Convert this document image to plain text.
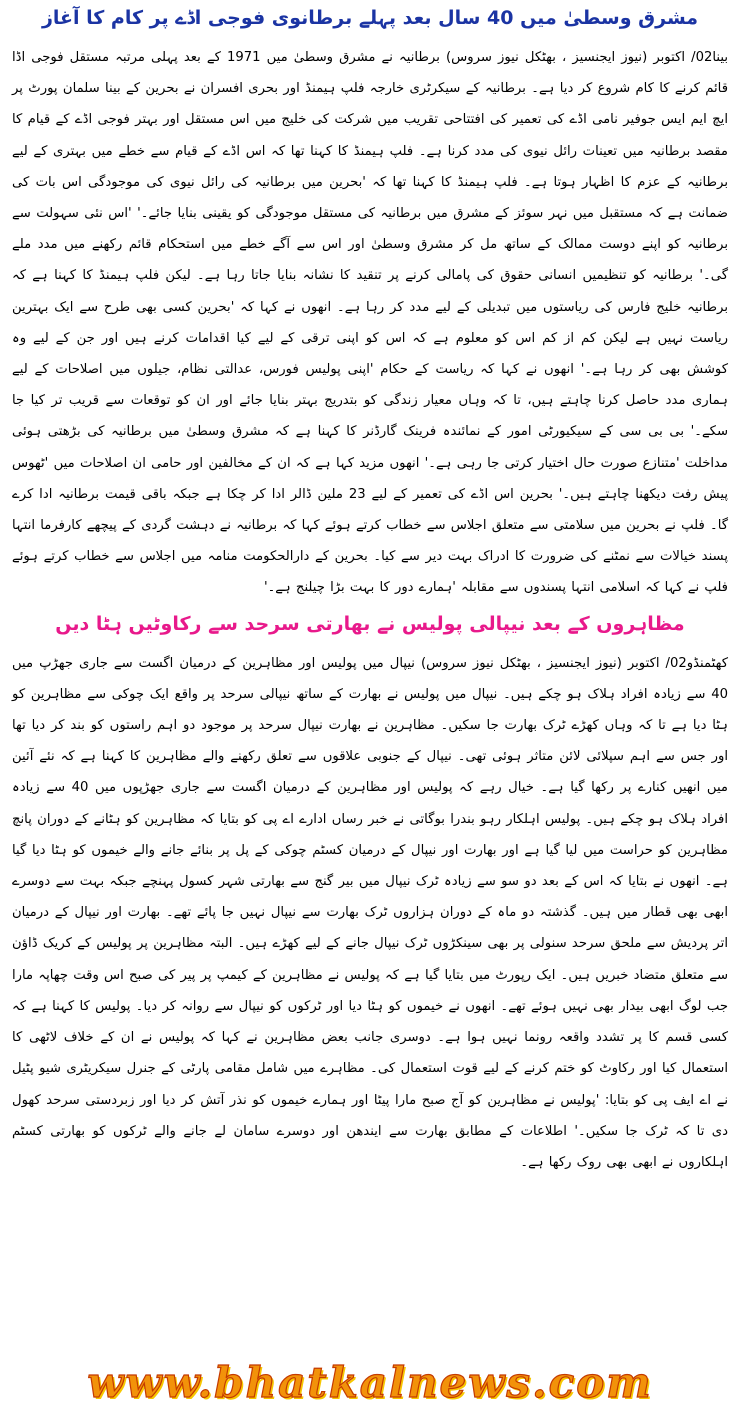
مشرق وسطیٰ میں 40 سال بعد پہلے برطانوی فوجی اڈے پر کام کا آغاز

بینا02/ اکتوبر (نیوز ایجنسیز ، بھٹکل نیوز سروس) برطانیہ نے مشرق وسطیٰ میں 1971 کے بعد پہلی مرتبہ مستقل فوجی اڈا قائم کرنے کا کام شروع کر دیا ہے۔ برطانیہ کے سیکرٹری خارجہ فلپ ہیمنڈ اور بحری افسران نے بحرین کے بینا سلمان پورٹ پر ایچ ایم ایس جوفیر نامی اڈے کی تعمیر کی افتتاحی تقریب میں شرکت کی خلیج میں اس مستقل اور بہتر فوجی اڈے کے قیام کا مقصد برطانیہ میں تعینات رائل نیوی کی مدد کرنا ہے۔ فلپ ہیمنڈ کا کہنا تھا کہ اس اڈے کے قیام سے خطے میں بہتری کے لیے برطانیہ کے عزم کا اظہار ہوتا ہے۔ فلپ ہیمنڈ کا کہنا تھا کہ 'بحرین میں برطانیہ کی رائل نیوی کی موجودگی اس بات کی ضمانت ہے کہ مستقبل میں نہر سوئز کے مشرق میں برطانیہ کی مستقل موجودگی کو یقینی بنایا جائے۔' 'اس نئی سہولت سے برطانیہ کو اپنے دوست ممالک کے ساتھ مل کر مشرق وسطیٰ اور اس سے آگے خطے میں استحکام قائم رکھنے میں مدد ملے گی۔' برطانیہ کو تنظیمیں انسانی حقوق کی پامالی کرنے پر تنقید کا نشانہ بنایا جاتا رہا ہے۔ لیکن فلپ ہیمنڈ کا کہنا ہے کہ برطانیہ خلیج فارس کی ریاستوں میں تبدیلی کے لیے مدد کر رہا ہے۔ انھوں نے کہا کہ 'بحرین کسی بھی طرح سے ایک بہترین ریاست نہیں ہے لیکن کم از کم اس کو معلوم ہے کہ اس کو اپنی ترقی کے لیے کیا اقدامات کرنے ہیں اور جن کے لیے وہ کوشش بھی کر رہا ہے۔' انھوں نے کہا کہ ریاست کے حکام 'اپنی پولیس فورس، عدالتی نظام، جیلوں میں اصلاحات کے لیے ہماری مدد حاصل کرنا چاہتے ہیں، تا کہ وہاں معیار زندگی کو بتدریج بہتر بنایا جائے اور ان کو توقعات سے قریب تر کیا جا سکے۔' بی بی سی کے سیکیورٹی امور کے نمائندہ فرینک گارڈنر کا کہنا ہے کہ مشرق وسطیٰ میں برطانیہ کی بڑھتی ہوئی مداخلت 'متنازع صورت حال اختیار کرتی جا رہی ہے۔' انھوں مزید کہا ہے کہ ان کے مخالفین اور حامی ان اصلاحات میں 'ٹھوس پیش رفت دیکھنا چاہتے ہیں۔' بحرین اس اڈے کی تعمیر کے لیے 23 ملین ڈالر ادا کر چکا ہے جبکہ باقی قیمت برطانیہ ادا کرے گا۔ فلپ نے بحرین میں سلامتی سے متعلق اجلاس سے خطاب کرتے ہوئے کہا کہ برطانیہ نے دہشت گردی کے پیچھے کارفرما انتہا پسند خیالات سے نمٹنے کی ضرورت کا ادراک بہت دیر سے کیا۔ بحرین کے دارالحکومت منامہ میں اجلاس سے خطاب کرتے ہوئے فلپ نے کہا کہ اسلامی انتہا پسندوں سے مقابلہ 'ہمارے دور کا بہت بڑا چیلنج ہے۔'

مظاہروں کے بعد نیپالی پولیس نے بھارتی سرحد سے رکاوٹیں ہٹا دیں

کھٹمنڈو02/ اکتوبر (نیوز ایجنسیز ، بھٹکل نیوز سروس) نیپال میں پولیس اور مظاہرین کے درمیان اگست سے جاری جھڑپ میں 40 سے زیادہ افراد ہلاک ہو چکے ہیں۔ نیپال میں پولیس نے بھارت کے ساتھ نیپالی سرحد پر واقع ایک چوکی سے مظاہرین کو ہٹا دیا ہے تا کہ وہاں کھڑے ٹرک بھارت جا سکیں۔ مظاہرین نے بھارت نیپال سرحد پر موجود دو اہم راستوں کو بند کر دیا تھا اور جس سے اہم سپلائی لائن متاثر ہوئی تھی۔ نیپال کے جنوبی علاقوں سے تعلق رکھنے والے مظاہرین کا کہنا ہے کہ نئے آئین میں انھیں کنارے پر رکھا گیا ہے۔ خیال رہے کہ پولیس اور مظاہرین کے درمیان اگست سے جاری جھڑپوں میں 40 سے زیادہ افراد ہلاک ہو چکے ہیں۔ پولیس اہلکار رہو بندرا بوگاتی نے خبر رساں ادارے اے پی کو بتایا کہ مظاہرین کو ہٹانے کے دوران پانچ مظاہرین کو حراست میں لیا گیا ہے اور بھارت اور نیپال کے درمیان کسٹم چوکی کے پل پر بنائے جانے والے خیموں کو ہٹا دیا گیا ہے۔ انھوں نے بتایا کہ اس کے بعد دو سو سے زیادہ ٹرک نیپال میں بیر گنج سے بھارتی شہر کسول پہنچے جبکہ بہت سے دوسرے ابھی بھی قطار میں ہیں۔ گذشتہ دو ماہ کے دوران ہزاروں ٹرک بھارت سے نیپال نہیں جا پائے تھے۔ بھارت اور نیپال کے درمیان اتر پردیش سے ملحق سرحد سنولی پر بھی سینکڑوں ٹرک نیپال جانے کے لیے کھڑے ہیں۔ البتہ مظاہرین پر پولیس کے کریک ڈاؤن سے متعلق متضاد خبریں ہیں۔ ایک رپورٹ میں بتایا گیا ہے کہ پولیس نے مظاہرین کے کیمپ پر پیر کی صبح اس وقت چھاپہ مارا جب لوگ ابھی بیدار بھی نہیں ہوئے تھے۔ انھوں نے خیموں کو ہٹا دیا اور ٹرکوں کو نیپال سے روانہ کر دیا۔ پولیس کا کہنا ہے کہ کسی قسم کا پر تشدد واقعہ رونما نہیں ہوا ہے۔ دوسری جانب بعض مظاہرین نے کہا کہ پولیس نے ان کے خلاف لاٹھی کا استعمال کیا اور رکاوٹ کو ختم کرنے کے لیے قوت استعمال کی۔ مظاہرے میں شامل مقامی پارٹی کے جنرل سیکریٹری شیو پٹیل نے اے ایف پی کو بتایا: 'پولیس نے مظاہرین کو آج صبح مارا پیٹا اور ہمارے خیموں کو نذر آتش کر دیا اور زبردستی سرحد کھول دی تا کہ ٹرک جا سکیں۔' اطلاعات کے مطابق بھارت سے ایندھن اور دوسرے سامان لے جانے والے ٹرکوں کو بھارتی کسٹم اہلکاروں نے ابھی بھی روک رکھا ہے۔

www.bhatkalnews.com
